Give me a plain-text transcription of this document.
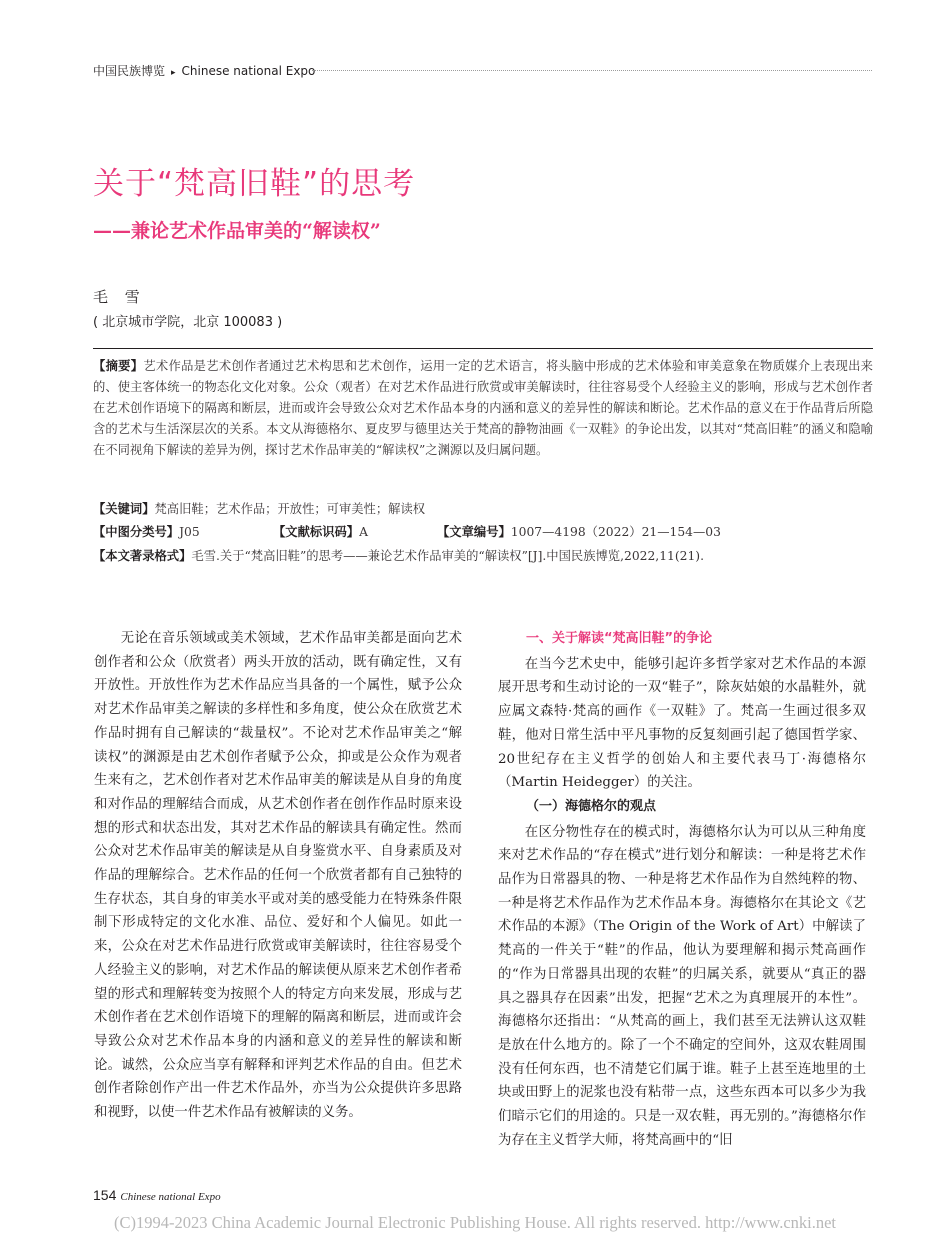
中国民族博览 ▸ Chinese national Expo
关于“梵高旧鞋”的思考
——兼论艺术作品审美的“解读权”
毛 雪
( 北京城市学院，北京 100083 )
【摘要】艺术作品是艺术创作者通过艺术构思和艺术创作，运用一定的艺术语言，将头脑中形成的艺术体验和审美意象在物质媒介上表现出来的、使主客体统一的物态化文化对象。公众（观者）在对艺术作品进行欣赏或审美解读时，往往容易受个人经验主义的影响，形成与艺术创作者在艺术创作语境下的隔离和断层，进而或许会导致公众对艺术作品本身的内涵和意义的差异性的解读和断论。艺术作品的意义在于作品背后所隐含的艺术与生活深层次的关系。本文从海德格尔、夏皮罗与德里达关于梵高的静物油画《一双鞋》的争论出发，以其对“梵高旧鞋”的涵义和隐喻在不同视角下解读的差异为例，探讨艺术作品审美的“解读权”之渊源以及归属问题。
【关键词】梵高旧鞋；艺术作品；开放性；可审美性；解读权
【中图分类号】J05	【文献标识码】A	【文章编号】1007—4198（2022）21—154—03
【本文著录格式】毛雪.关于“梵高旧鞋”的思考——兼论艺术作品审美的“解读权”[J].中国民族博览,2022,11(21).

无论在音乐领域或美术领域，艺术作品审美都是面向艺术创作者和公众（欣赏者）两头开放的活动，既有确定性，又有开放性。开放性作为艺术作品应当具备的一个属性，赋予公众对艺术作品审美之解读的多样性和多角度，使公众在欣赏艺术作品时拥有自己解读的“裁量权”。不论对艺术作品审美之“解读权”的渊源是由艺术创作者赋予公众，抑或是公众作为观者生来有之，艺术创作者对艺术作品审美的解读是从自身的角度和对作品的理解结合而成，从艺术创作者在创作作品时原来设想的形式和状态出发，其对艺术作品的解读具有确定性。然而公众对艺术作品审美的解读是从自身鉴赏水平、自身素质及对作品的理解综合。艺术作品的任何一个欣赏者都有自己独特的生存状态，其自身的审美水平或对美的感受能力在特殊条件限制下形成特定的文化水准、品位、爱好和个人偏见。如此一来，公众在对艺术作品进行欣赏或审美解读时，往往容易受个人经验主义的影响，对艺术作品的解读便从原来艺术创作者希望的形式和理解转变为按照个人的特定方向来发展，形成与艺术创作者在艺术创作语境下的理解的隔离和断层，进而或许会导致公众对艺术作品本身的内涵和意义的差异性的解读和断论。诚然，公众应当享有解释和评判艺术作品的自由。但艺术创作者除创作产出一件艺术作品外，亦当为公众提供许多思路和视野，以使一件艺术作品有被解读的义务。

一、关于解读“梵高旧鞋”的争论

在当今艺术史中，能够引起许多哲学家对艺术作品的本源展开思考和生动讨论的一双“鞋子”，除灰姑娘的水晶鞋外，就应属文森特·梵高的画作《一双鞋》了。梵高一生画过很多双鞋，他对日常生活中平凡事物的反复刻画引起了德国哲学家、20世纪存在主义哲学的创始人和主要代表马丁·海德格尔（Martin Heidegger）的关注。

（一）海德格尔的观点

在区分物性存在的模式时，海德格尔认为可以从三种角度来对艺术作品的“存在模式”进行划分和解读：一种是将艺术作品作为日常器具的物、一种是将艺术作品作为自然纯粹的物、一种是将艺术作品作为艺术作品本身。海德格尔在其论文《艺术作品的本源》（The Origin of the Work of Art）中解读了梵高的一件关于“鞋”的作品，他认为要理解和揭示梵高画作的“作为日常器具出现的农鞋”的归属关系，就要从“真正的器具之器具存在因素”出发，把握“艺术之为真理展开的本性”。海德格尔还指出：“从梵高的画上，我们甚至无法辨认这双鞋是放在什么地方的。除了一个不确定的空间外，这双农鞋周围没有任何东西，也不清楚它们属于谁。鞋子上甚至连地里的土块或田野上的泥浆也没有粘带一点，这些东西本可以多少为我们暗示它们的用途的。只是一双农鞋，再无别的。”海德格尔作为存在主义哲学大师，将梵高画中的“旧

154 Chinese national Expo
(C)1994-2023 China Academic Journal Electronic Publishing House. All rights reserved. http://www.cnki.net
